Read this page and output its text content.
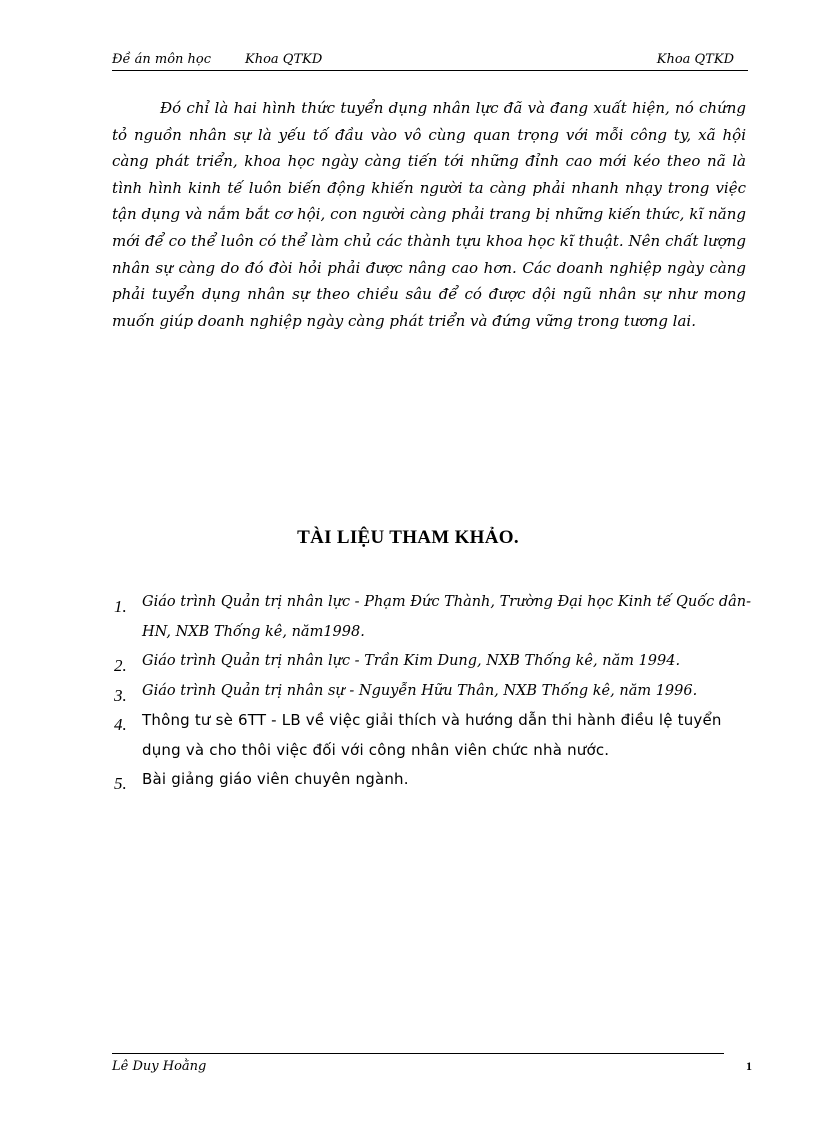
Đề án môn học	Khoa QTKD	Khoa QTKD

Đó chỉ là hai hình thức tuyển dụng nhân lực đã và đang xuất hiện, nó chứng tỏ nguồn nhân sự là yếu tố đầu vào vô cùng quan trọng với mỗi công ty, xã hội càng phát triển, khoa học ngày càng tiến tới những đỉnh cao mới kéo theo nã là tình hình kinh tế luôn biến động khiến người ta càng phải nhanh nhạy trong việc tận dụng và nắm bắt cơ hội, con người càng phải trang bị những kiến thức, kĩ năng mới để co thể luôn có thể làm chủ các thành tựu khoa học kĩ thuật. Nên chất lượng nhân sự càng do đó đòi hỏi phải được nâng cao hơn. Các doanh nghiệp ngày càng phải tuyển dụng nhân sự theo chiều sâu để có được dội ngũ nhân sự như mong muốn giúp doanh nghiệp ngày càng phát triển và đứng vững trong tương lai.

TÀI LIỆU THAM KHẢO.
1. Giáo trình Quản trị nhân lực - Phạm Đức Thành, Trường Đại học Kinh tế Quốc dân-HN, NXB Thống kê, năm1998.
2. Giáo trình Quản trị nhân lực - Trần Kim Dung, NXB Thống kê, năm 1994.
3. Giáo trình Quản trị nhân sự - Nguyễn Hữu Thân, NXB Thống kê, năm 1996.
4. Thông tư sè 6TT - LB về việc giải thích và hướng dẫn thi hành điều lệ tuyển dụng và cho thôi việc đối với công nhân viên chức nhà nước.
5. Bài giảng giáo viên chuyên ngành.
Lê Duy Hoằng	1
